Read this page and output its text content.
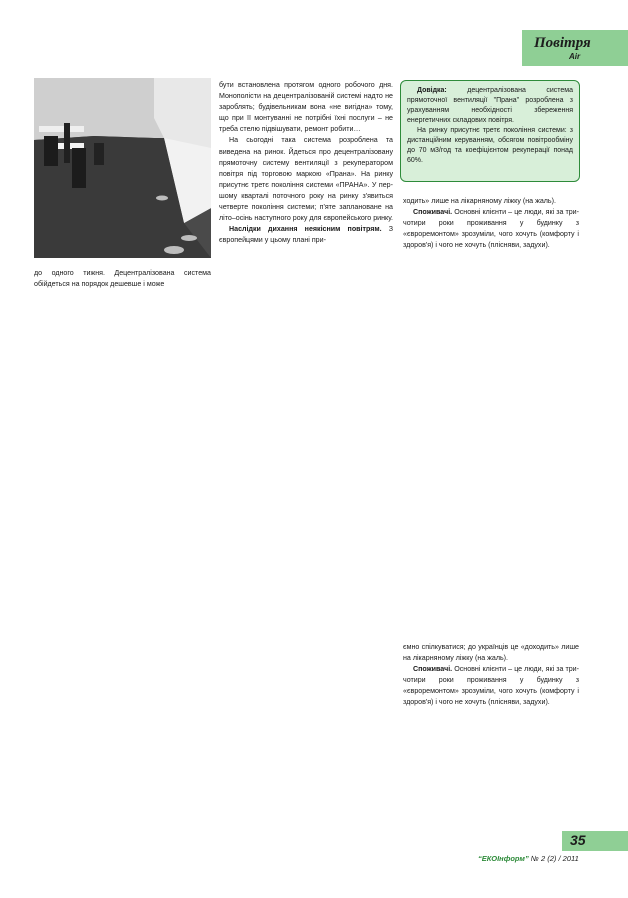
Повітря
Air

до одного тижня. Децентралізована система обійдеться на порядок дешевше і може

бути встановлена протягом одного робочого дня. Монополісти на децентралізованій системі надто не зароблять; будівельникам вона «не вигідна» тому, що при її монтуванні не потрібні їхні послуги – не треба стелю підвішувати, ремонт робити…

На сьогодні така система розроблена та виведена на ринок. Йдеться про децентралізовану прямоточну систему вентиляції з рекуператором повітря під торговою маркою «Прана». На ринку присутнє третє покоління системи «ПРАНА». У першому кварталі поточного року на ринку з'явиться четверте покоління системи; п'яте заплановане на літо–осінь наступного року для європейського ринку.

Наслідки дихання неякісним повітрям. З європейцями у цьому плані при-

Довідка: децентралізована система прямоточної вентиляції "Прана" розроблена з урахуванням необхідності збереження енергетичних складових повітря.

На ринку присутнє третє покоління системи: з дистанційним керуванням, обсягом повітрообміну до 70 м3/год та коефіцієнтом рекуперації понад 60%.

ходить» лише на лікарняному ліжку (на жаль).

Споживачі. Основні клієнти – це люди, які за три-чотири роки проживання у будинку з «євроремонтом» зрозуміли, чого хочуть (комфорту і здоров'я) і чого не хочуть (плісняви, задухи).

ємно спілкуватися; до українців це «доходить» лише на лікарняному ліжку (на жаль).

Споживачі. Основні клієнти – це люди, які за три-чотири роки проживання у будинку з «євроремонтом» зрозуміли, чого хочуть (комфорту і здоров'я) і чого не хочуть (плісняви, задухи).

35
“ЕКОІнформ” № 2 (2) / 2011
